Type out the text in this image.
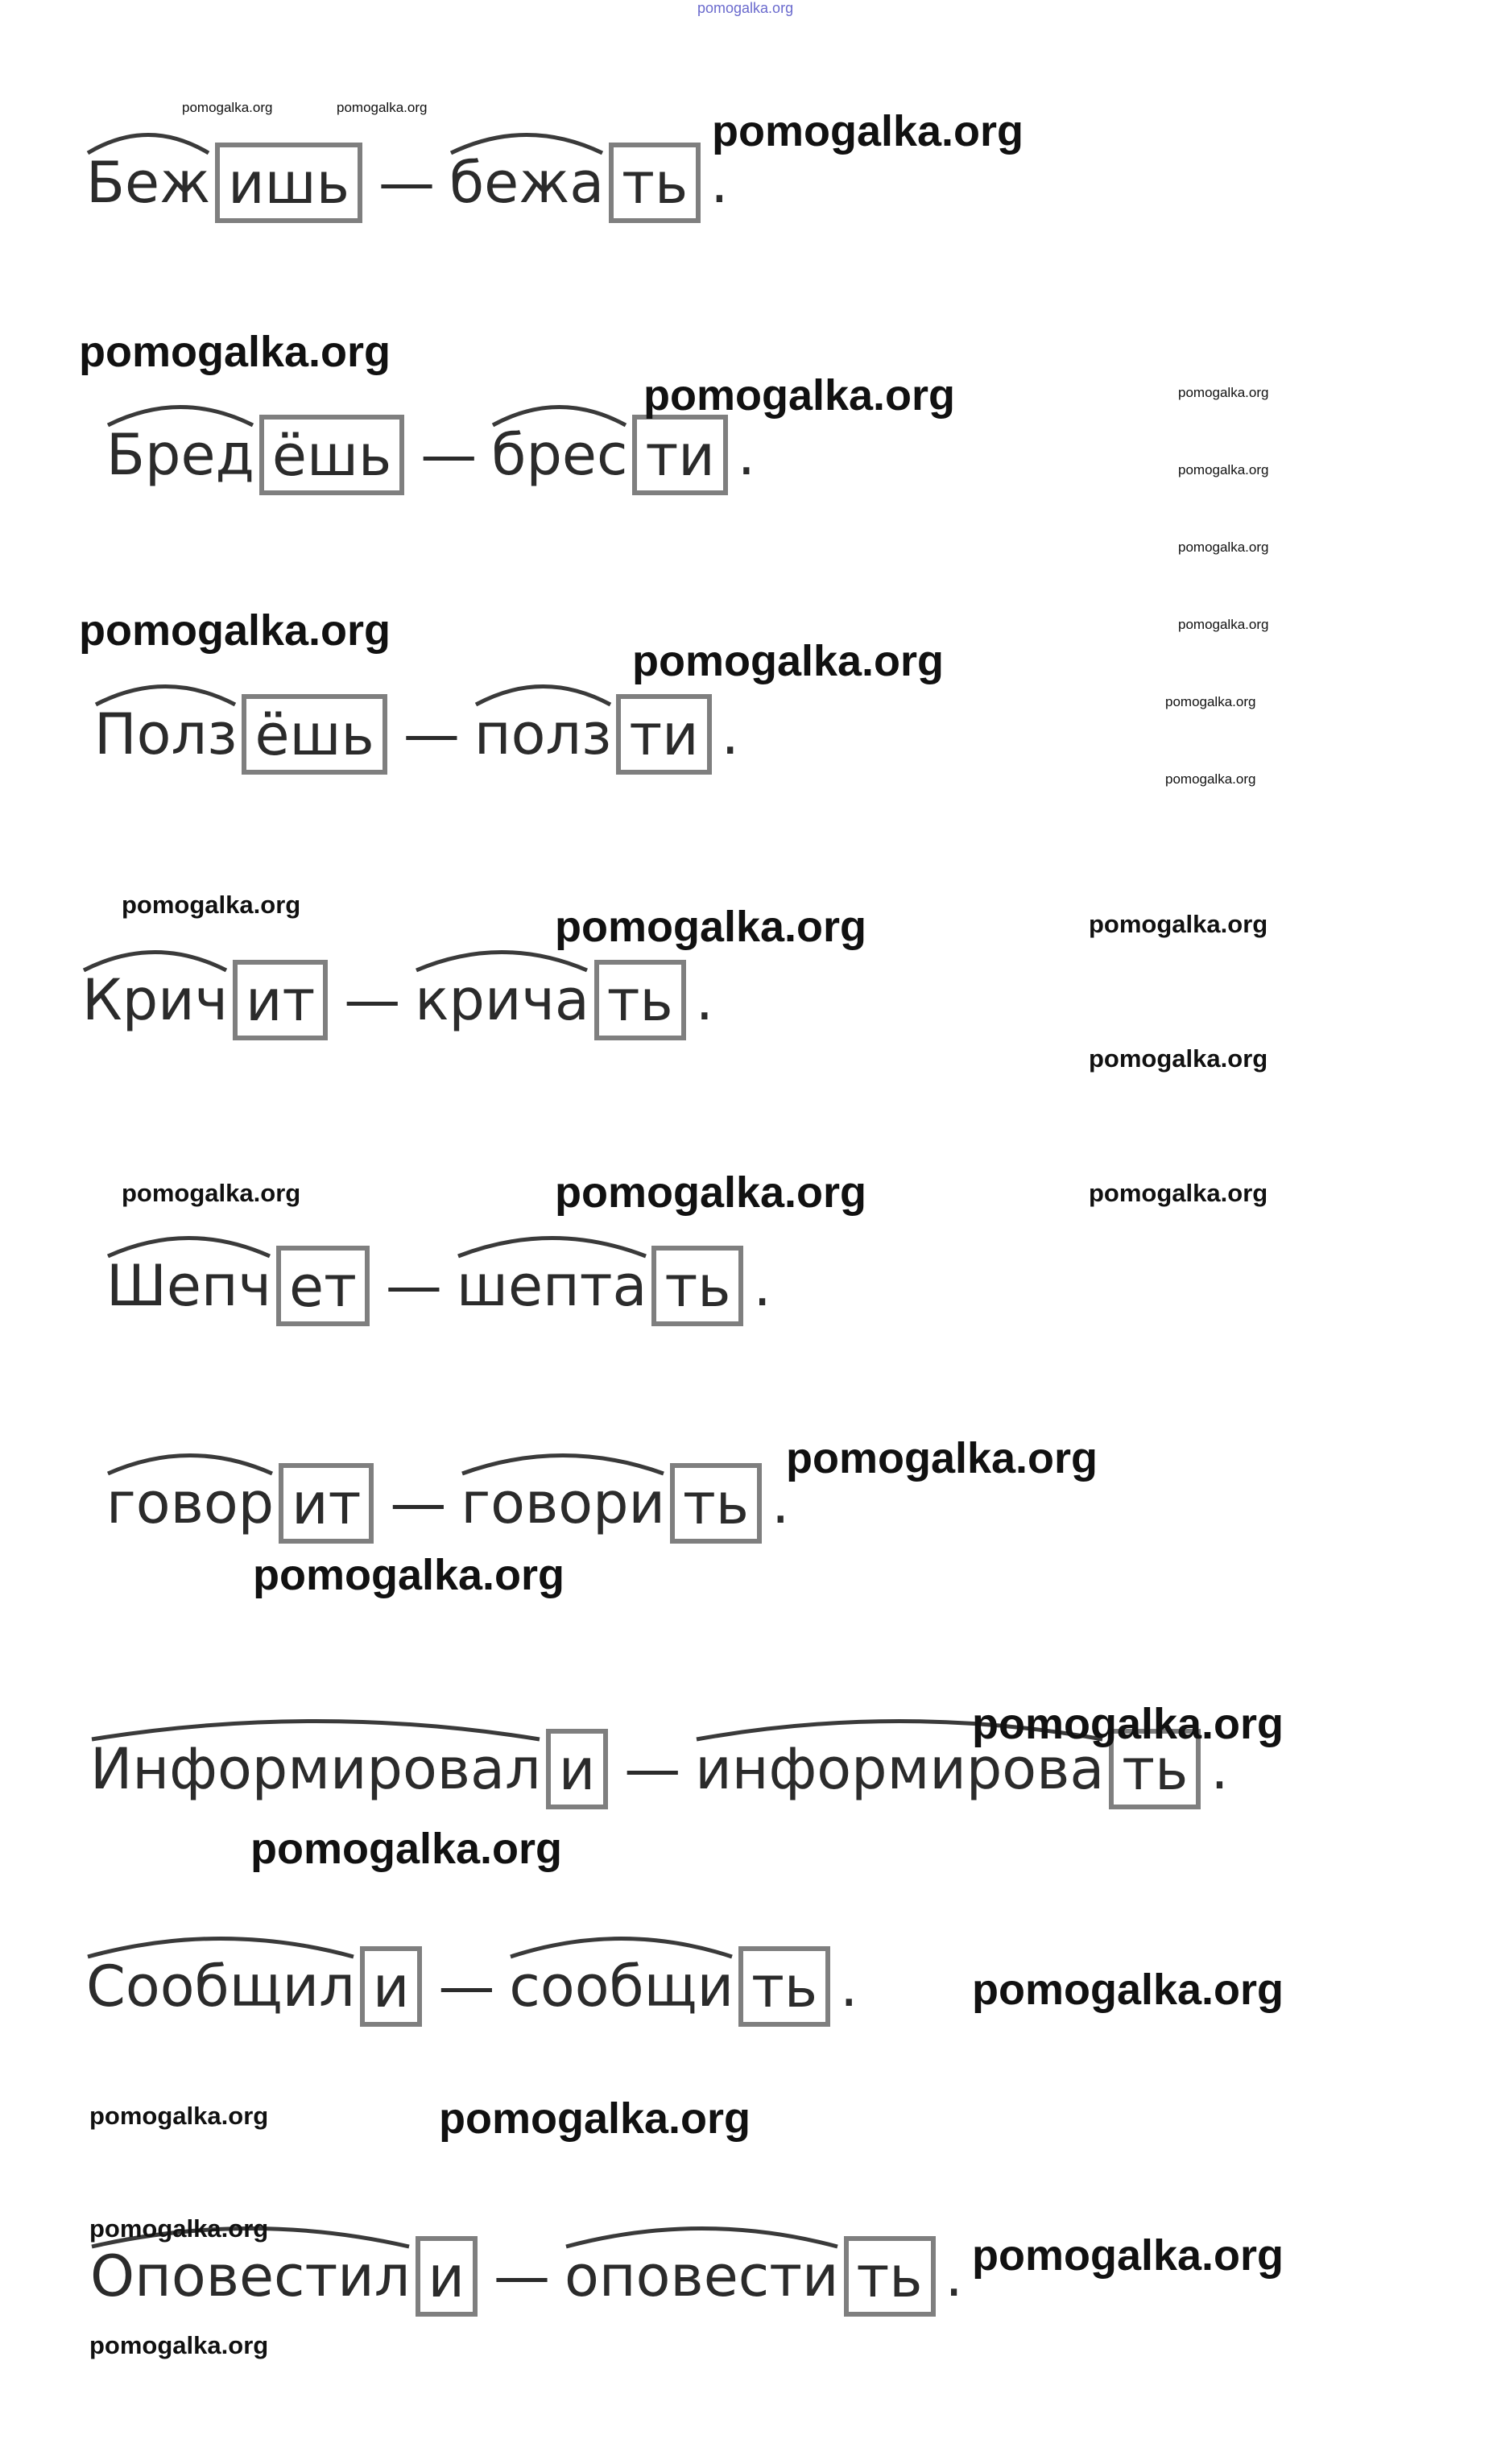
pomogalka.org
Беж ишь — бежа ть .
Бред ёшь — брес ти .
Полз ёшь — полз ти .
Крич ит — крича ть .
Шепч ет — шепта ть .
говор ит — говори ть .
Информировал и — информирова ть .
Сообщил и — сообщи ть .
Оповестил и — оповести ть .
pomogalka.org	pomogalka.org	pomogalka.org
pomogalka.org
pomogalka.org	pomogalka.org
pomogalka.org
pomogalka.org
pomogalka.org
pomogalka.org
pomogalka.org
pomogalka.org
pomogalka.org
pomogalka.org	pomogalka.org	pomogalka.org
pomogalka.org
pomogalka.org	pomogalka.org	pomogalka.org
pomogalka.org
pomogalka.org
pomogalka.org
pomogalka.org
pomogalka.org
pomogalka.org	pomogalka.org
pomogalka.org
pomogalka.org
pomogalka.org
